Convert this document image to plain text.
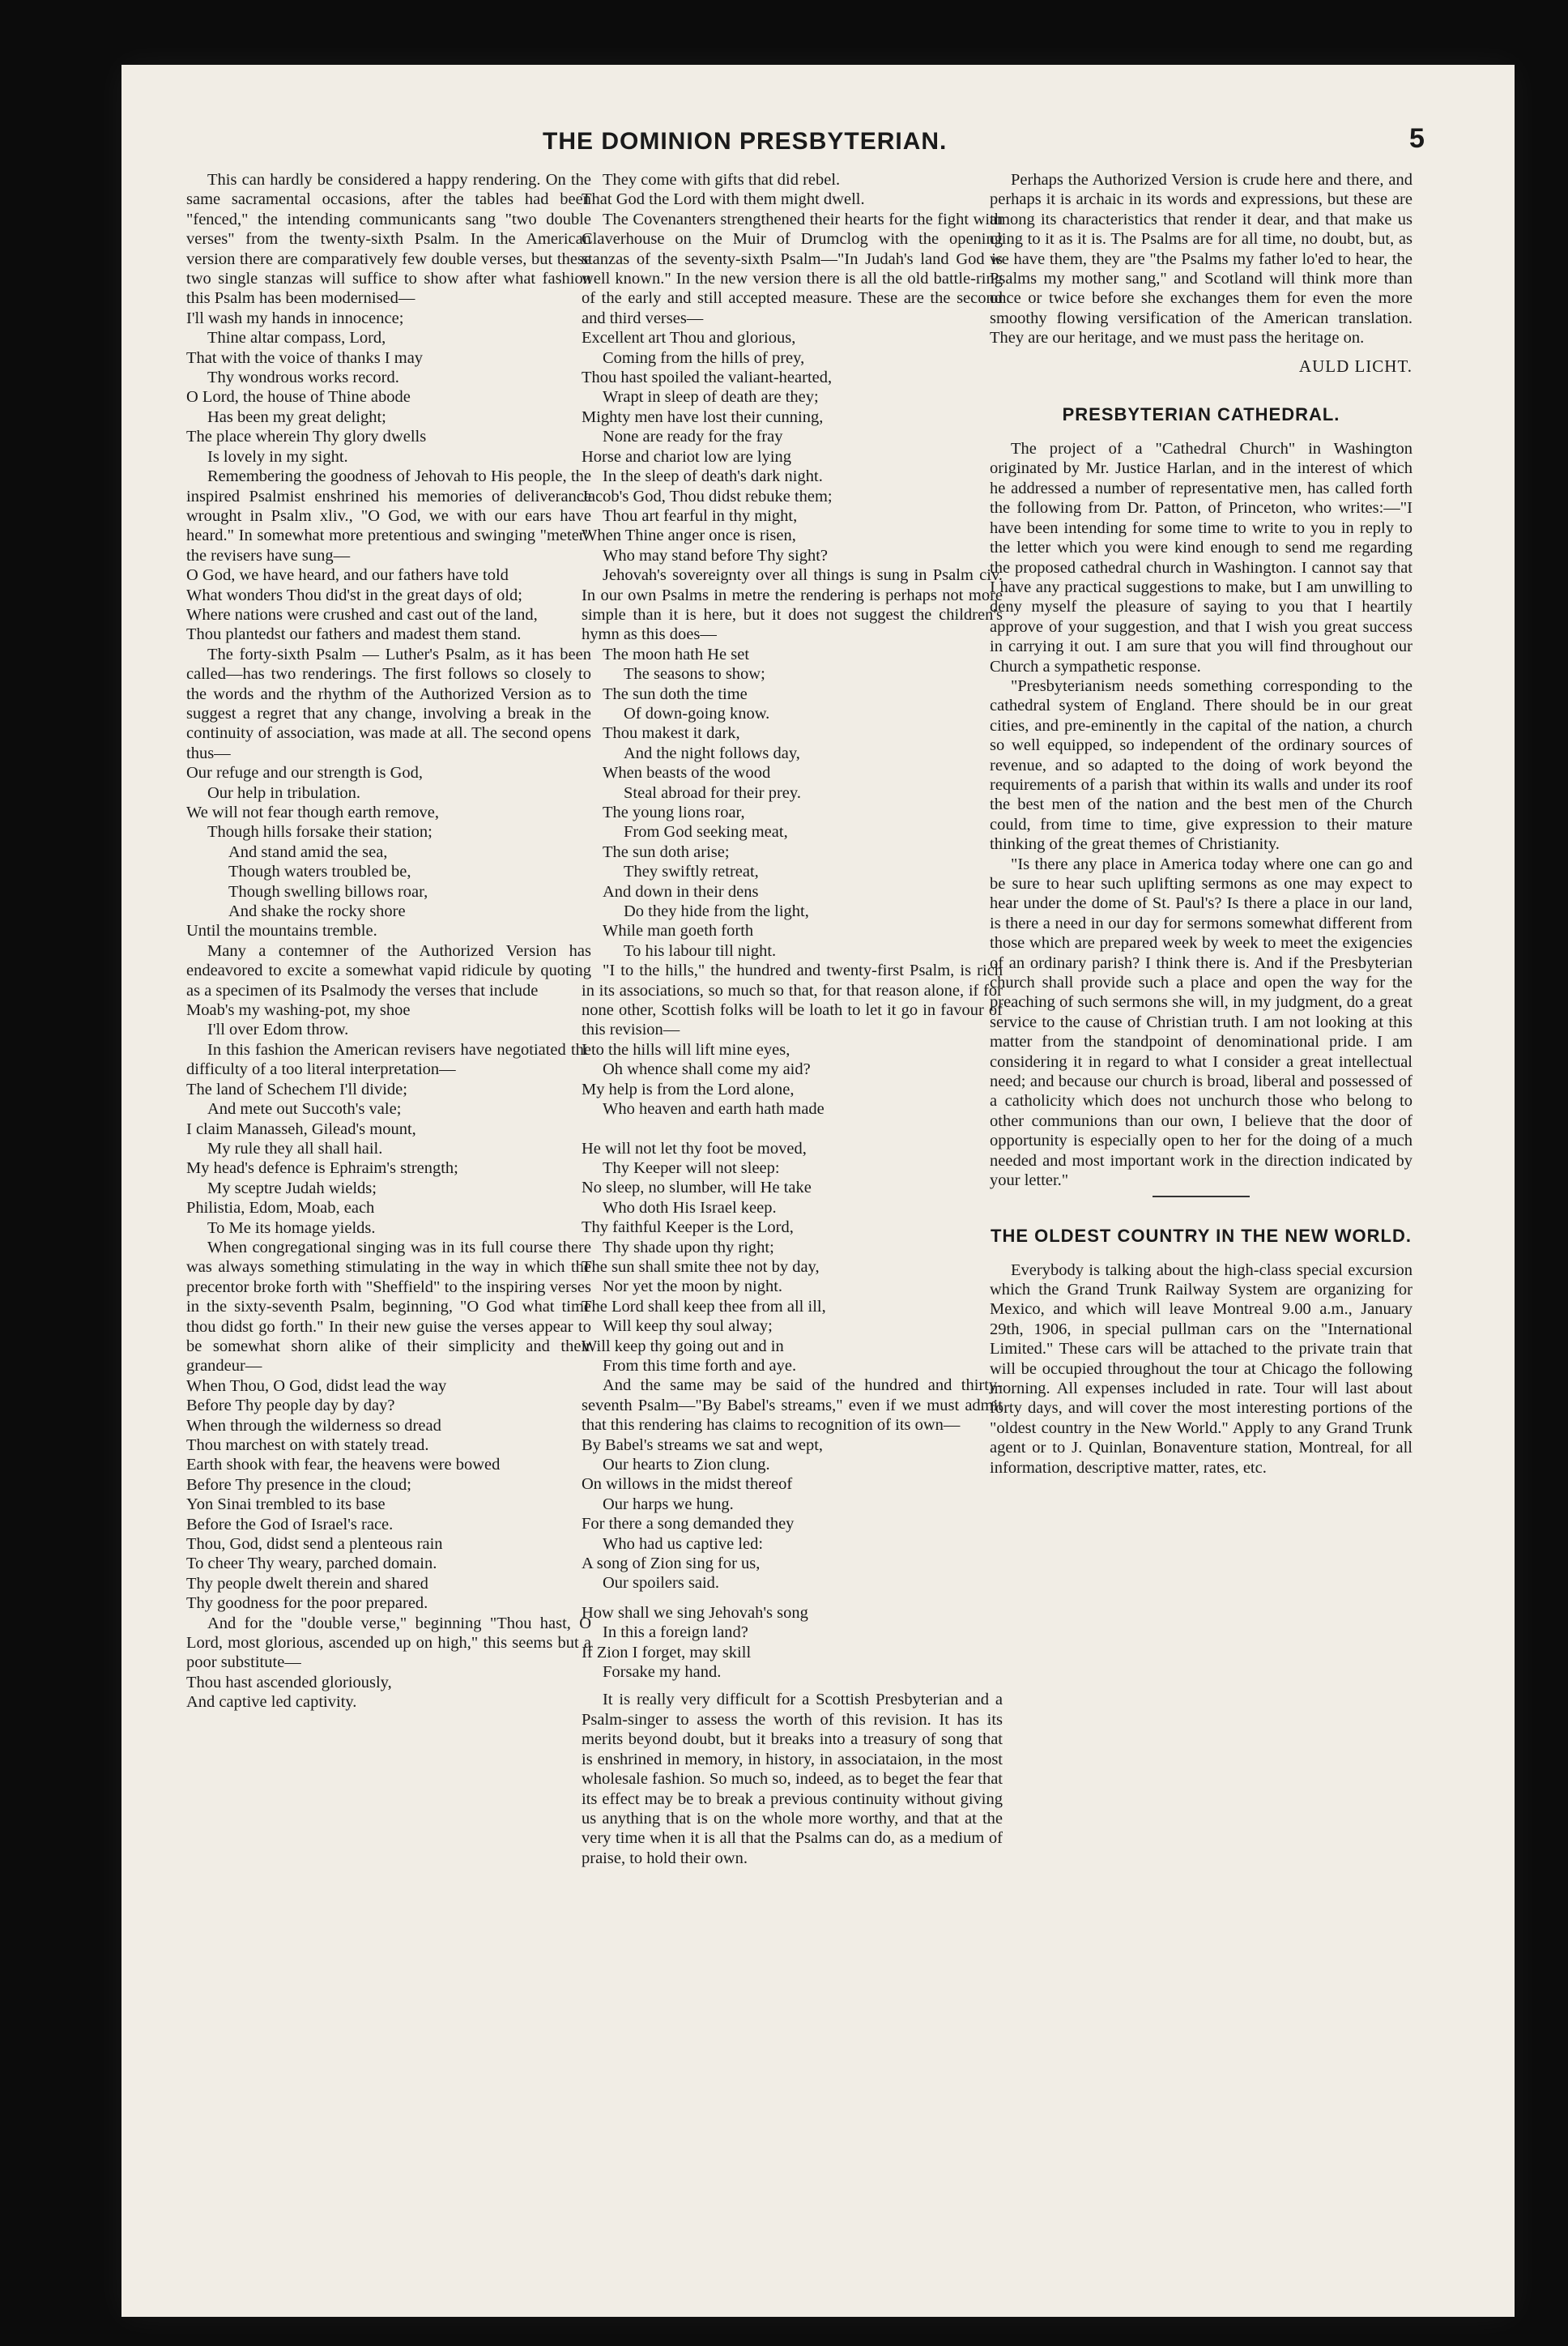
THE DOMINION PRESBYTERIAN.	5

This can hardly be considered a happy rendering. On the same sacramental occasions, after the tables had been "fenced," the intending communicants sang "two double verses" from the twenty-sixth Psalm. In the American version there are comparatively few double verses, but these two single stanzas will suffice to show after what fashion this Psalm has been modernised—

I'll wash my hands in innocence;
Thine altar compass, Lord,
That with the voice of thanks I may
Thy wondrous works record.
O Lord, the house of Thine abode
Has been my great delight;
The place wherein Thy glory dwells
Is lovely in my sight.

Remembering the goodness of Jehovah to His people, the inspired Psalmist enshrined his memories of deliverance wrought in Psalm xliv., "O God, we with our ears have heard." In somewhat more pretentious and swinging "meter" the revisers have sung—

O God, we have heard, and our fathers have told
What wonders Thou did'st in the great days of old;
Where nations were crushed and cast out of the land,
Thou plantedst our fathers and madest them stand.

The forty-sixth Psalm — Luther's Psalm, as it has been called—has two renderings. The first follows so closely to the words and the rhythm of the Authorized Version as to suggest a regret that any change, involving a break in the continuity of association, was made at all. The second opens thus—

Our refuge and our strength is God,
Our help in tribulation.
We will not fear though earth remove,
Though hills forsake their station;
And stand amid the sea,
Though waters troubled be,
Though swelling billows roar,
And shake the rocky shore
Until the mountains tremble.

Many a contemner of the Authorized Version has endeavored to excite a somewhat vapid ridicule by quoting as a specimen of its Psalmody the verses that include

Moab's my washing-pot, my shoe
I'll over Edom throw.

In this fashion the American revisers have negotiated the difficulty of a too literal interpretation—

The land of Schechem I'll divide;
And mete out Succoth's vale;
I claim Manasseh, Gilead's mount,
My rule they all shall hail.
My head's defence is Ephraim's strength;
My sceptre Judah wields;
Philistia, Edom, Moab, each
To Me its homage yields.

When congregational singing was in its full course there was always something stimulating in the way in which the precentor broke forth with "Sheffield" to the inspiring verses in the sixty-seventh Psalm, beginning, "O God what time thou didst go forth." In their new guise the verses appear to be somewhat shorn alike of their simplicity and their grandeur—

When Thou, O God, didst lead the way
Before Thy people day by day?
When through the wilderness so dread
Thou marchest on with stately tread.
Earth shook with fear, the heavens were bowed
Before Thy presence in the cloud;
Yon Sinai trembled to its base
Before the God of Israel's race.
Thou, God, didst send a plenteous rain
To cheer Thy weary, parched domain.
Thy people dwelt therein and shared
Thy goodness for the poor prepared.

And for the "double verse," beginning "Thou hast, O Lord, most glorious, ascended up on high," this seems but a poor substitute—

Thou hast ascended gloriously,
And captive led captivity.
They come with gifts that did rebel.
That God the Lord with them might dwell.

The Covenanters strengthened their hearts for the fight with Claverhouse on the Muir of Drumclog with the opening stanzas of the seventy-sixth Psalm—"In Judah's land God is well known." In the new version there is all the old battle-ring of the early and still accepted measure. These are the second and third verses—

Excellent art Thou and glorious,
Coming from the hills of prey,
Thou hast spoiled the valiant-hearted,
Wrapt in sleep of death are they;
Mighty men have lost their cunning,
None are ready for the fray
Horse and chariot low are lying
In the sleep of death's dark night.
Jacob's God, Thou didst rebuke them;
Thou art fearful in thy might,
When Thine anger once is risen,
Who may stand before Thy sight?

Jehovah's sovereignty over all things is sung in Psalm civ. In our own Psalms in metre the rendering is perhaps not more simple than it is here, but it does not suggest the children's hymn as this does—

The moon hath He set
The seasons to show;
The sun doth the time
Of down-going know.
Thou makest it dark,
And the night follows day,
When beasts of the wood
Steal abroad for their prey.
The young lions roar,
From God seeking meat,
The sun doth arise;
They swiftly retreat,
And down in their dens
Do they hide from the light,
While man goeth forth
To his labour till night.

"I to the hills," the hundred and twenty-first Psalm, is rich in its associations, so much so that, for that reason alone, if for none other, Scottish folks will be loath to let it go in favour of this revision—

I to the hills will lift mine eyes,
Oh whence shall come my aid?
My help is from the Lord alone,
Who heaven and earth hath made
He will not let thy foot be moved,
Thy Keeper will not sleep:
No sleep, no slumber, will He take
Who doth His Israel keep.
Thy faithful Keeper is the Lord,
Thy shade upon thy right;
The sun shall smite thee not by day,
Nor yet the moon by night.
The Lord shall keep thee from all ill,
Will keep thy soul alway;
Will keep thy going out and in
From this time forth and aye.

And the same may be said of the hundred and thirty-seventh Psalm—"By Babel's streams," even if we must admit that this rendering has claims to recognition of its own—

By Babel's streams we sat and wept,
Our hearts to Zion clung.
On willows in the midst thereof
Our harps we hung.
For there a song demanded they
Who had us captive led:
A song of Zion sing for us,
Our spoilers said.
How shall we sing Jehovah's song
In this a foreign land?
If Zion I forget, may skill
Forsake my hand.

It is really very difficult for a Scottish Presbyterian and a Psalm-singer to assess the worth of this revision. It has its merits beyond doubt, but it breaks into a treasury of song that is enshrined in memory, in history, in associataion, in the most wholesale fashion. So much so, indeed, as to beget the fear that its effect may be to break a previous continuity without giving us anything that is on the whole more worthy, and that at the very time when it is all that the Psalms can do, as a medium of praise, to hold their own.

Perhaps the Authorized Version is crude here and there, and perhaps it is archaic in its words and expressions, but these are among its characteristics that render it dear, and that make us cling to it as it is. The Psalms are for all time, no doubt, but, as we have them, they are "the Psalms my father lo'ed to hear, the Psalms my mother sang," and Scotland will think more than once or twice before she exchanges them for even the more smoothy flowing versification of the American translation. They are our heritage, and we must pass the heritage on.

AULD LICHT.
PRESBYTERIAN CATHEDRAL.

The project of a "Cathedral Church" in Washington originated by Mr. Justice Harlan, and in the interest of which he addressed a number of representative men, has called forth the following from Dr. Patton, of Princeton, who writes:—"I have been intending for some time to write to you in reply to the letter which you were kind enough to send me regarding the proposed cathedral church in Washington. I cannot say that I have any practical suggestions to make, but I am unwilling to deny myself the pleasure of saying to you that I heartily approve of your suggestion, and that I wish you great success in carrying it out. I am sure that you will find throughout our Church a sympathetic response.

"Presbyterianism needs something corresponding to the cathedral system of England. There should be in our great cities, and pre-eminently in the capital of the nation, a church so well equipped, so independent of the ordinary sources of revenue, and so adapted to the doing of work beyond the requirements of a parish that within its walls and under its roof the best men of the nation and the best men of the Church could, from time to time, give expression to their mature thinking of the great themes of Christianity.

"Is there any place in America today where one can go and be sure to hear such uplifting sermons as one may expect to hear under the dome of St. Paul's? Is there a place in our land, is there a need in our day for sermons somewhat different from those which are prepared week by week to meet the exigencies of an ordinary parish? I think there is. And if the Presbyterian church shall provide such a place and open the way for the preaching of such sermons she will, in my judgment, do a great service to the cause of Christian truth. I am not looking at this matter from the standpoint of denominational pride. I am considering it in regard to what I consider a great intellectual need; and because our church is broad, liberal and possessed of a catholicity which does not unchurch those who belong to other communions than our own, I believe that the door of opportunity is especially open to her for the doing of a much needed and most important work in the direction indicated by your letter."

THE OLDEST COUNTRY IN THE NEW WORLD.

Everybody is talking about the high-class special excursion which the Grand Trunk Railway System are organizing for Mexico, and which will leave Montreal 9.00 a.m., January 29th, 1906, in special pullman cars on the "International Limited." These cars will be attached to the private train that will be occupied throughout the tour at Chicago the following morning. All expenses included in rate. Tour will last about forty days, and will cover the most interesting portions of the "oldest country in the New World." Apply to any Grand Trunk agent or to J. Quinlan, Bonaventure station, Montreal, for all information, descriptive matter, rates, etc.
